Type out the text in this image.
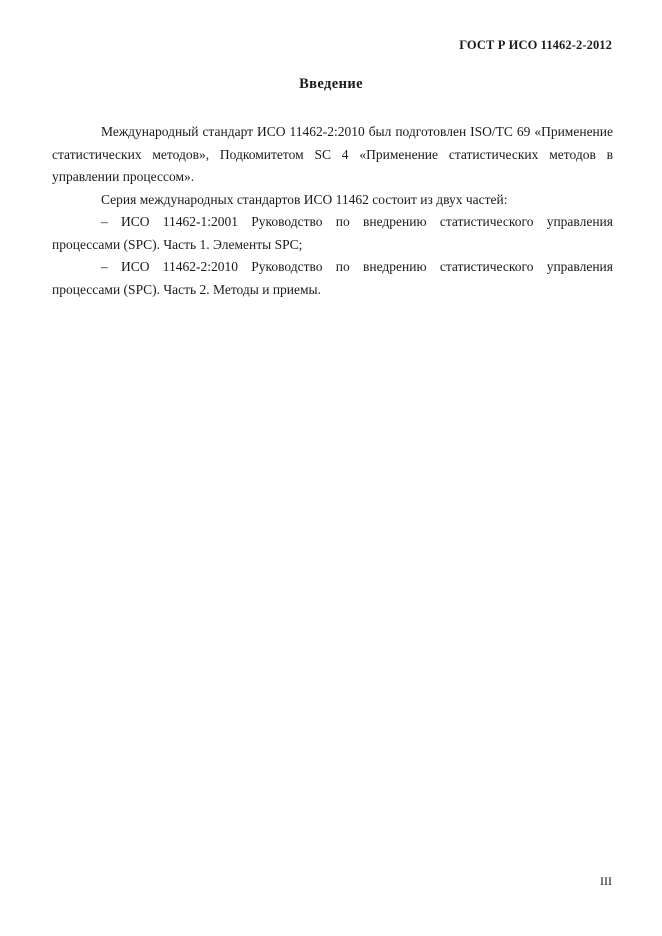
ГОСТ Р ИСО 11462-2-2012
Введение

Международный стандарт ИСО 11462-2:2010 был подготовлен ISO/TC 69 «Применение статистических методов», Подкомитетом SC 4 «Применение статистических методов в управлении процессом».

Серия международных стандартов ИСО 11462 состоит из двух частей:

– ИСО 11462-1:2001 Руководство по внедрению статистического управления процессами (SPC). Часть 1. Элементы SPC;

– ИСО 11462-2:2010 Руководство по внедрению статистического управления процессами (SPC). Часть 2. Методы и приемы.

III
